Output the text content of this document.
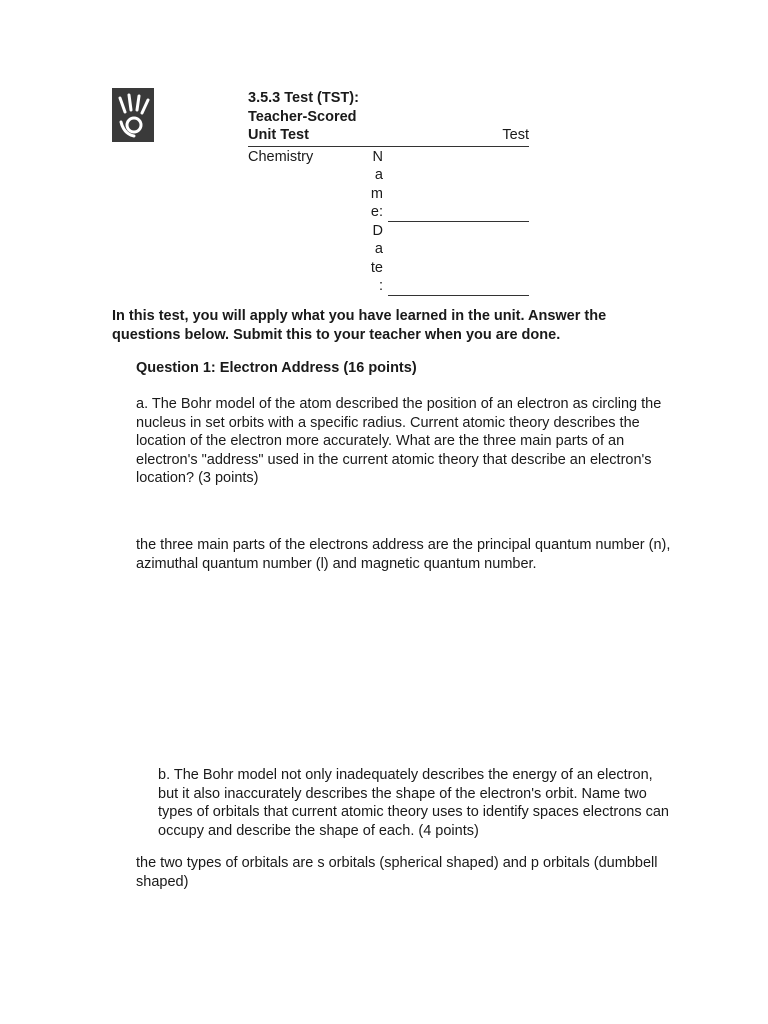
3.5.3 Test (TST):
Teacher-Scored
Unit Test	Test
Chemistry	N
a
m
e:
D
a
te
:
In this test, you will apply what you have learned in the unit. Answer the questions below. Submit this to your teacher when you are done.
Question 1: Electron Address (16 points)
a. The Bohr model of the atom described the position of an electron as circling the nucleus in set orbits with a specific radius. Current atomic theory describes the location of the electron more accurately. What are the three main parts of an electron's "address" used in the current atomic theory that describe an electron's location? (3 points)
the three main parts of the electrons address are the principal quantum number (n), azimuthal quantum number (l) and magnetic quantum number.
b. The Bohr model not only inadequately describes the energy of an electron, but it also inaccurately describes the shape of the electron's orbit. Name two types of orbitals that current atomic theory uses to identify spaces electrons can occupy and describe the shape of each. (4 points)
the two types of orbitals are s orbitals (spherical shaped) and p orbitals (dumbbell shaped)
